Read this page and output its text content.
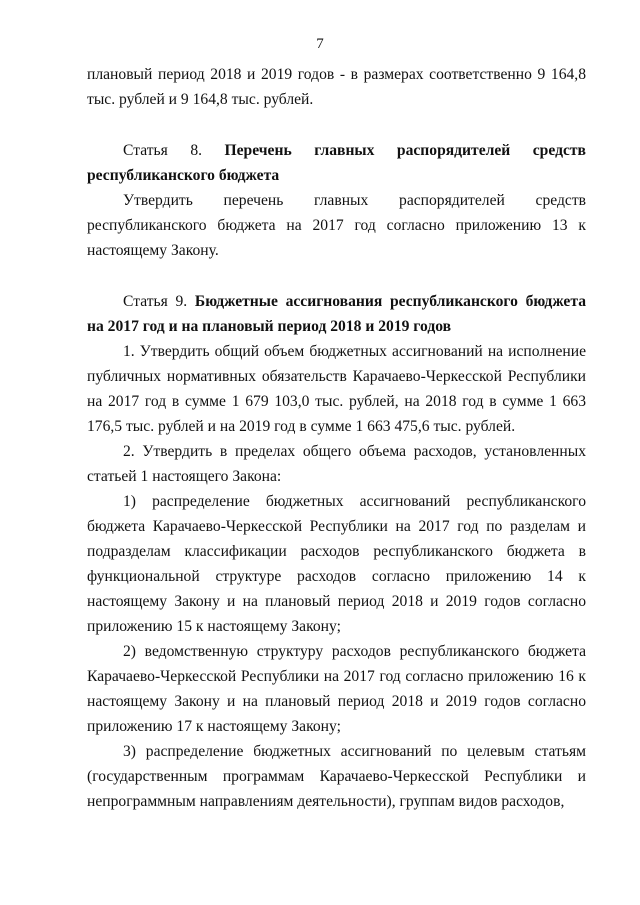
7

плановый период 2018 и 2019 годов - в размерах соответственно 9 164,8 тыс. рублей и 9 164,8 тыс. рублей.

Статья 8. Перечень главных распорядителей средств

республиканского бюджета

Утвердить перечень главных распорядителей средств республиканского бюджета на 2017 год согласно приложению 13 к настоящему Закону.

Статья 9. Бюджетные ассигнования республиканского бюджета на 2017 год и на плановый период 2018 и 2019 годов

1. Утвердить общий объем бюджетных ассигнований на исполнение публичных нормативных обязательств Карачаево-Черкесской Республики на 2017 год в сумме 1 679 103,0 тыс. рублей, на 2018 год в сумме 1 663 176,5 тыс. рублей и на 2019 год в сумме 1 663 475,6 тыс. рублей.

2. Утвердить в пределах общего объема расходов, установленных статьей 1 настоящего Закона:

1) распределение бюджетных ассигнований республиканского бюджета Карачаево-Черкесской Республики на 2017 год по разделам и подразделам классификации расходов республиканского бюджета в функциональной структуре расходов согласно приложению 14 к настоящему Закону и на плановый период 2018 и 2019 годов согласно приложению 15 к настоящему Закону;

2) ведомственную структуру расходов республиканского бюджета Карачаево-Черкесской Республики на 2017 год согласно приложению 16 к настоящему Закону и на плановый период 2018 и 2019 годов согласно приложению 17 к настоящему Закону;

3) распределение бюджетных ассигнований по целевым статьям (государственным программам Карачаево-Черкесской Республики и непрограммным направлениям деятельности), группам видов расходов,
